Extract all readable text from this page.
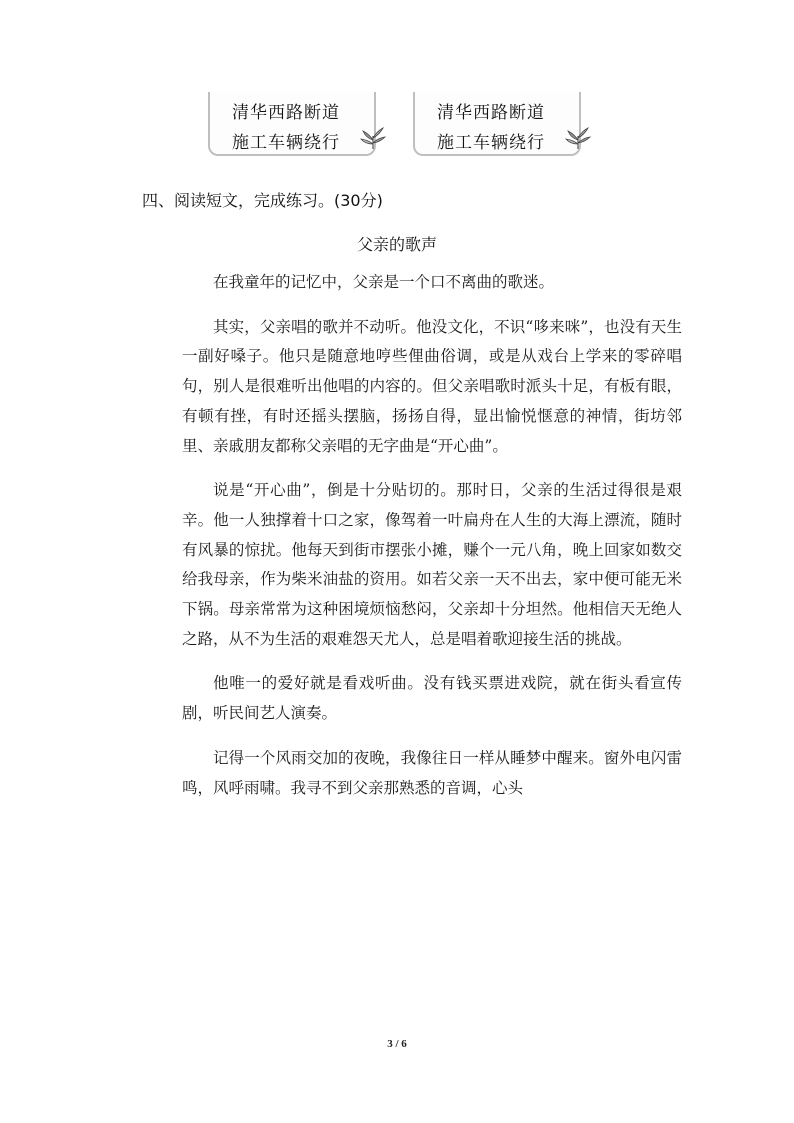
清华西路断道
施工车辆绕行
清华西路断道
施工车辆绕行
四、阅读短文，完成练习。(30分)
父亲的歌声

在我童年的记忆中，父亲是一个口不离曲的歌迷。

其实，父亲唱的歌并不动听。他没文化，不识“哆来咪”，也没有天生一副好嗓子。他只是随意地哼些俚曲俗调，或是从戏台上学来的零碎唱句，别人是很难听出他唱的内容的。但父亲唱歌时派头十足，有板有眼，有顿有挫，有时还摇头摆脑，扬扬自得，显出愉悦惬意的神情，街坊邻里、亲戚朋友都称父亲唱的无字曲是“开心曲”。

说是“开心曲”，倒是十分贴切的。那时日，父亲的生活过得很是艰辛。他一人独撑着十口之家，像驾着一叶扁舟在人生的大海上漂流，随时有风暴的惊扰。他每天到街市摆张小摊，赚个一元八角，晚上回家如数交给我母亲，作为柴米油盐的资用。如若父亲一天不出去，家中便可能无米下锅。母亲常常为这种困境烦恼愁闷，父亲却十分坦然。他相信天无绝人之路，从不为生活的艰难怨天尤人，总是唱着歌迎接生活的挑战。

他唯一的爱好就是看戏听曲。没有钱买票进戏院，就在街头看宣传剧，听民间艺人演奏。

记得一个风雨交加的夜晚，我像往日一样从睡梦中醒来。窗外电闪雷鸣，风呼雨啸。我寻不到父亲那熟悉的音调，心头

3 / 6
